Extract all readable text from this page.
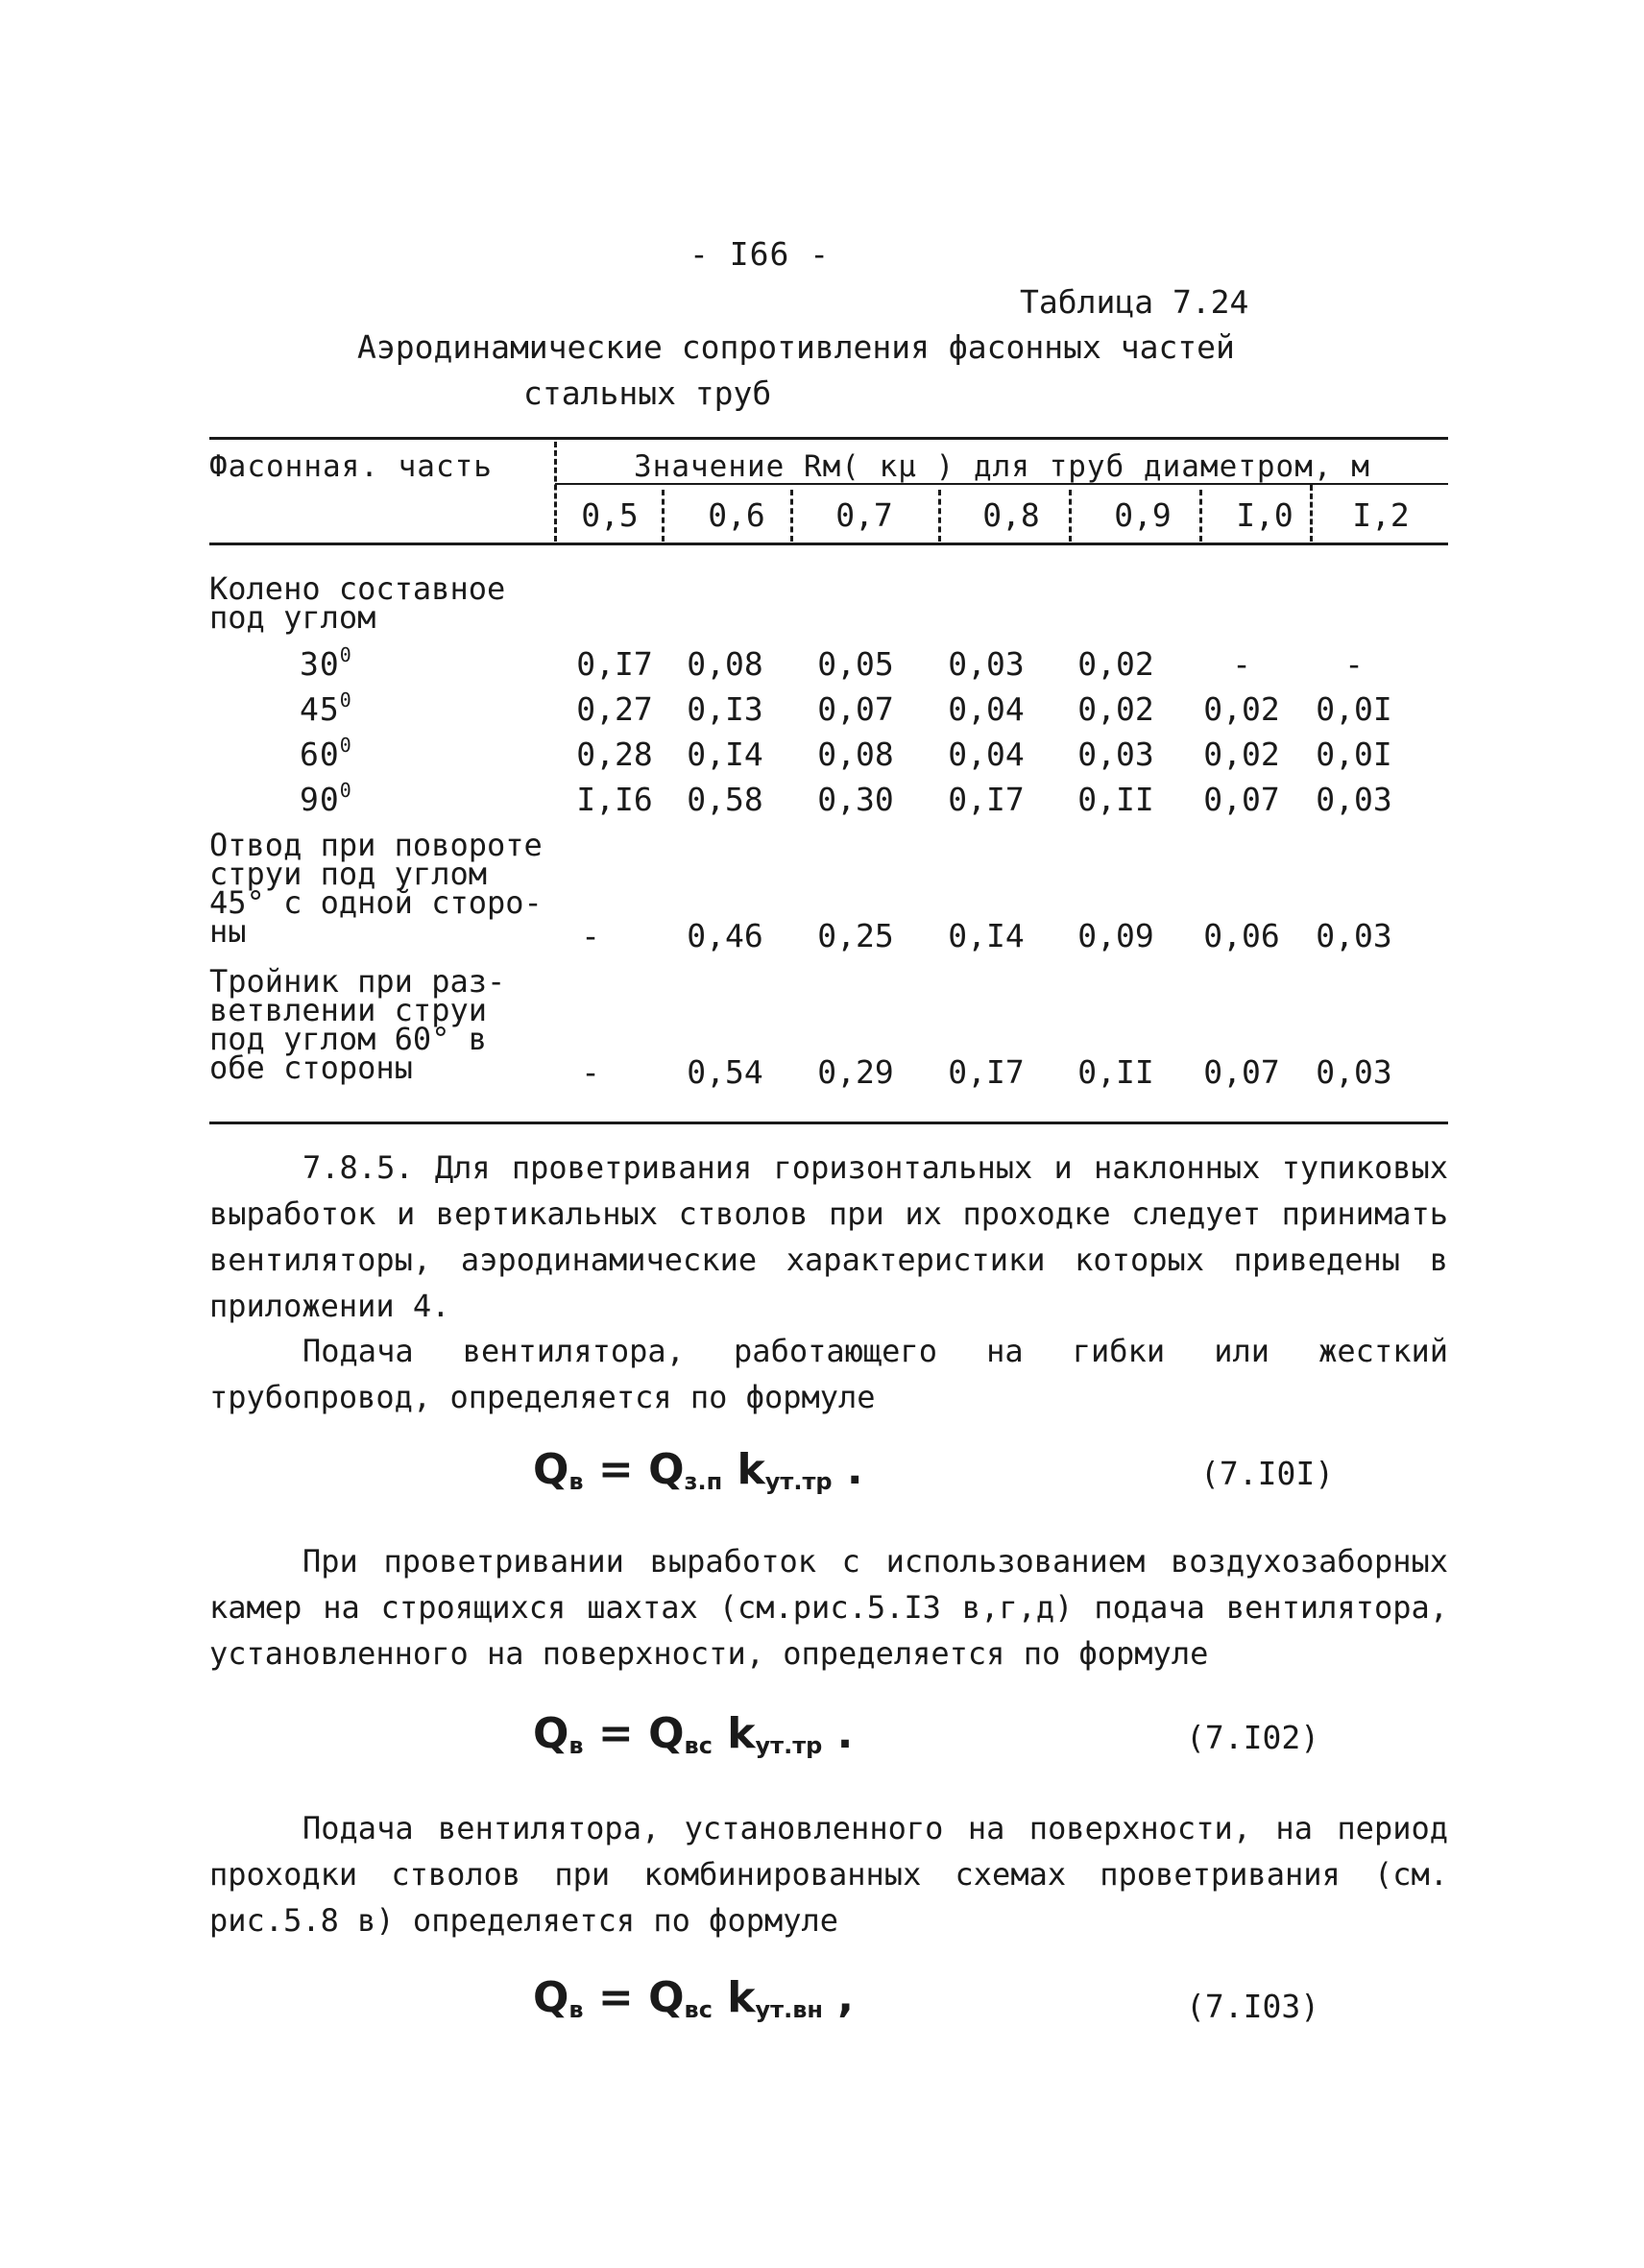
- I66 -
Таблица 7.24
Аэродинамические сопротивления фасонных частей
стальных труб
Фасонная. часть	Значение Rм( кµ ) для труб диаметром, м
0,5	0,6	0,7	0,8	0,9	I,0	I,2
Колено составное
под углом
$30^0$	0,I7	0,08	0,05	0,03	0,02	-	-
$45^0$	0,27	0,I3	0,07	0,04	0,02	0,02	0,0I
$60^0$	0,28	0,I4	0,08	0,04	0,03	0,02	0,0I
$90^0$	I,I6	0,58	0,30	0,I7	0,II	0,07	0,03
Отвод при повороте
струи под углом
45° с одной сторо-
ны	-	0,46	0,25	0,I4	0,09	0,06	0,03
Тройник при раз-
ветвлении струи
под углом 60° в
обе стороны	-	0,54	0,29	0,I7	0,II	0,07	0,03
7.8.5. Для проветривания горизонтальных и наклонных тупиковых выработок и вертикальных стволов при их проходке следует принимать вентиляторы, аэродинамические характеристики которых приведены в приложении 4.
Подача вентилятора, работающего на гибки или жесткий трубопровод, определяется по формуле
$Q_в = Q_{з.п}$ $k_{ут.тр}$ .	(7.I0I)
При проветривании выработок с использованием воздухозаборных камер на строящихся шахтах (см.рис.5.I3 в,г,д) подача вентилятора, установленного на поверхности, определяется по формуле
$Q_в = Q_{вс}$ $k_{ут.тр}$ .	(7.I02)
Подача вентилятора, установленного на поверхности, на период проходки стволов при комбинированных схемах проветривания (см. рис.5.8 в) определяется по формуле
$Q_в = Q_{вс}$ $k_{ут.вн}$ ,	(7.I03)
